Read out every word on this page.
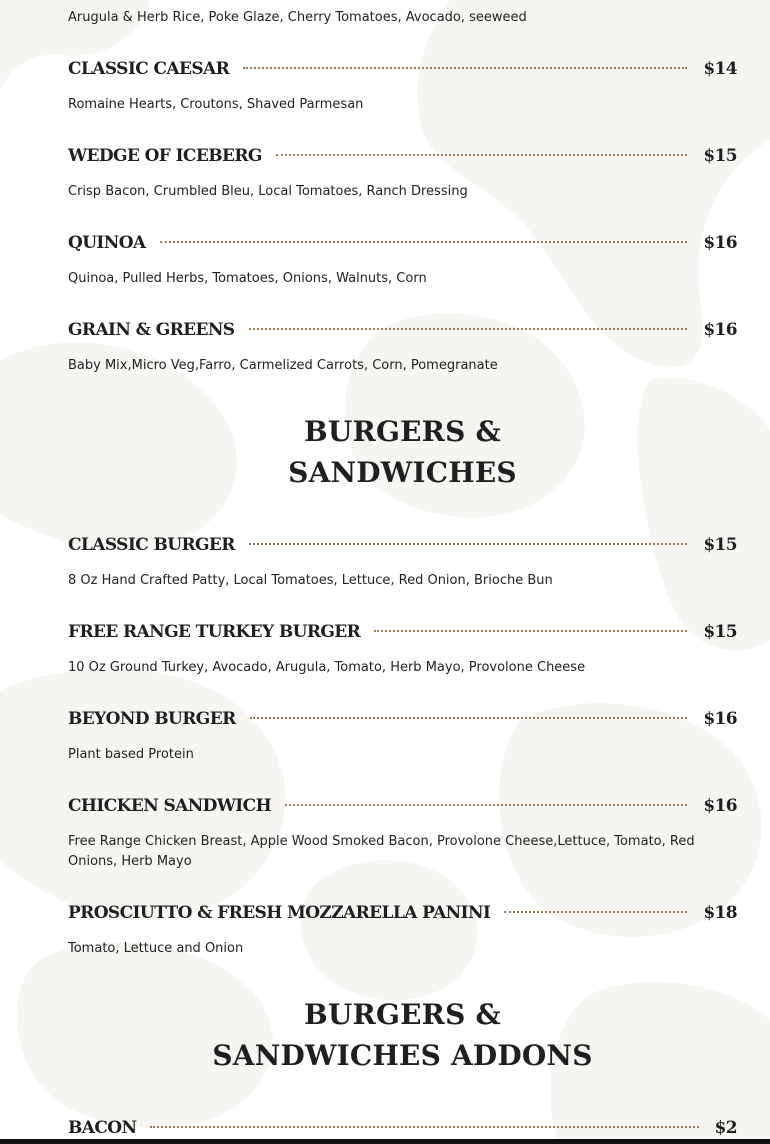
Arugula & Herb Rice, Poke Glaze, Cherry Tomatoes, Avocado, seeweed
CLASSIC CAESAR	$14
Romaine Hearts, Croutons, Shaved Parmesan
WEDGE OF ICEBERG	$15
Crisp Bacon, Crumbled Bleu, Local Tomatoes, Ranch Dressing
QUINOA	$16
Quinoa, Pulled Herbs, Tomatoes, Onions, Walnuts, Corn
GRAIN & GREENS	$16
Baby Mix,Micro Veg,Farro, Carmelized Carrots, Corn, Pomegranate
BURGERS &
SANDWICHES
CLASSIC BURGER	$15
8 Oz Hand Crafted Patty, Local Tomatoes, Lettuce, Red Onion, Brioche Bun
FREE RANGE TURKEY BURGER	$15
10 Oz Ground Turkey, Avocado, Arugula, Tomato, Herb Mayo, Provolone Cheese
BEYOND BURGER	$16
Plant based Protein
CHICKEN SANDWICH	$16
Free Range Chicken Breast, Apple Wood Smoked Bacon, Provolone Cheese,Lettuce, Tomato, Red Onions, Herb Mayo
PROSCIUTTO & FRESH MOZZARELLA PANINI	$18
Tomato, Lettuce and Onion
BURGERS &
SANDWICHES ADDONS
BACON	$2
